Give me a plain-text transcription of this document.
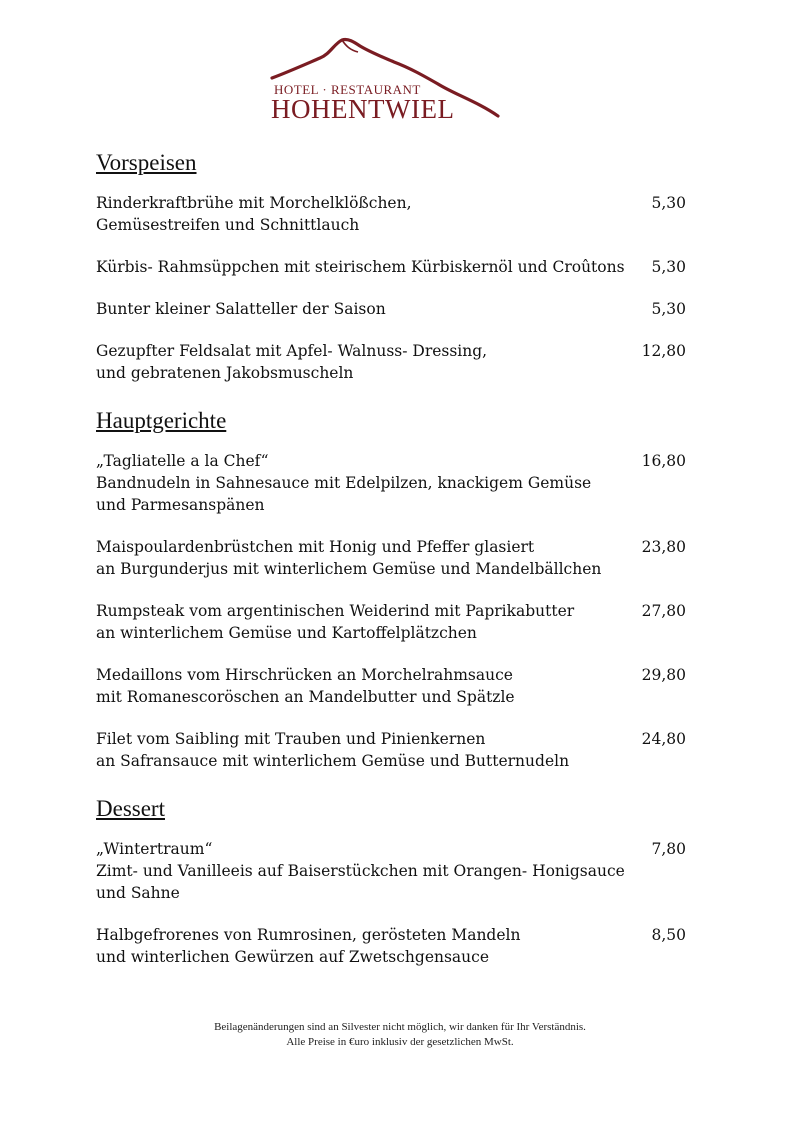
HOTEL · RESTAURANT
HOHENTWIEL
Vorspeisen
Rinderkraftbrühe mit Morchelklößchen,
Gemüsestreifen und Schnittlauch
5,30
Kürbis- Rahmsüppchen mit steirischem Kürbiskernöl und Croûtons	5,30
Bunter kleiner Salatteller der Saison	5,30
Gezupfter Feldsalat mit Apfel- Walnuss- Dressing,
und gebratenen Jakobsmuscheln
12,80
Hauptgerichte
„Tagliatelle a la Chef“
Bandnudeln in Sahnesauce mit Edelpilzen, knackigem Gemüse
und Parmesanspänen
16,80
Maispoulardenbrüstchen mit Honig und Pfeffer glasiert
an Burgunderjus mit winterlichem Gemüse und Mandelbällchen
23,80
Rumpsteak vom argentinischen Weiderind mit Paprikabutter
an winterlichem Gemüse und Kartoffelplätzchen
27,80
Medaillons vom Hirschrücken an Morchelrahmsauce
mit Romanescoröschen an Mandelbutter und Spätzle
29,80
Filet vom Saibling mit Trauben und Pinienkernen
an Safransauce mit winterlichem Gemüse und Butternudeln
24,80
Dessert
„Wintertraum“
Zimt- und Vanilleeis auf Baiserstückchen mit Orangen- Honigsauce
und Sahne
7,80
Halbgefrorenes von Rumrosinen, gerösteten Mandeln
und winterlichen Gewürzen auf Zwetschgensauce
8,50
Beilagenänderungen sind an Silvester nicht möglich, wir danken für Ihr Verständnis.
Alle Preise in €uro inklusiv der gesetzlichen MwSt.
